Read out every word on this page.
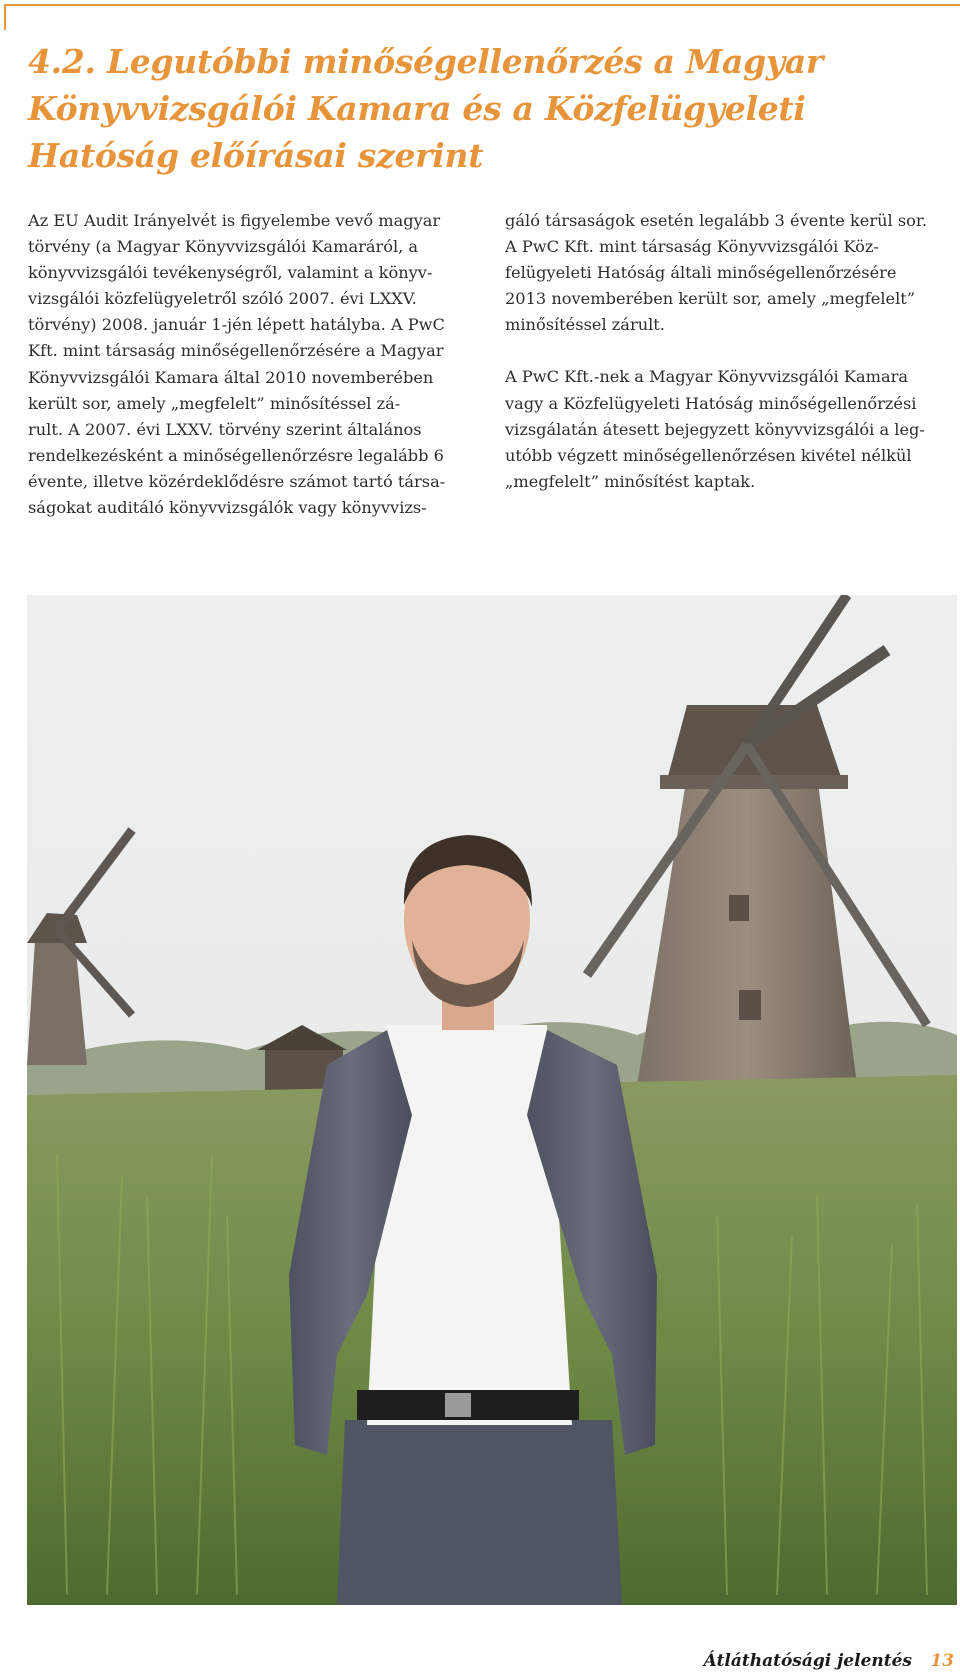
4.2. Legutóbbi minőségellenőrzés a Magyar
Könyvvizsgálói Kamara és a Közfelügyeleti
Hatóság előírásai szerint

Az EU Audit Irányelvét is figyelembe vevő magyar
törvény (a Magyar Könyvvizsgálói Kamaráról, a
könyvvizsgálói tevékenységről, valamint a könyv-
vizsgálói közfelügyeletről szóló 2007. évi LXXV.
törvény) 2008. január 1-jén lépett hatályba. A PwC
Kft. mint társaság minőségellenőrzésére a Magyar
Könyvvizsgálói Kamara által 2010 novemberében
került sor, amely „megfelelt” minősítéssel zá-
rult. A 2007. évi LXXV. törvény szerint általános
rendelkezésként a minőségellenőrzésre legalább 6
évente, illetve közérdeklődésre számot tartó társa-
ságokat auditáló könyvvizsgálók vagy könyvvizs-

gáló társaságok esetén legalább 3 évente kerül sor.
A PwC Kft. mint társaság Könyvvizsgálói Köz-
felügyeleti Hatóság általi minőségellenőrzésére
2013 novemberében került sor, amely „megfelelt”
minősítéssel zárult.

A PwC Kft.-nek a Magyar Könyvvizsgálói Kamara
vagy a Közfelügyeleti Hatóság minőségellenőrzési
vizsgálatán átesett bejegyzett könyvvizsgálói a leg-
utóbb végzett minőségellenőrzésen kivétel nélkül
„megfelelt” minősítést kaptak.

Átláthatósági jelentés 13
